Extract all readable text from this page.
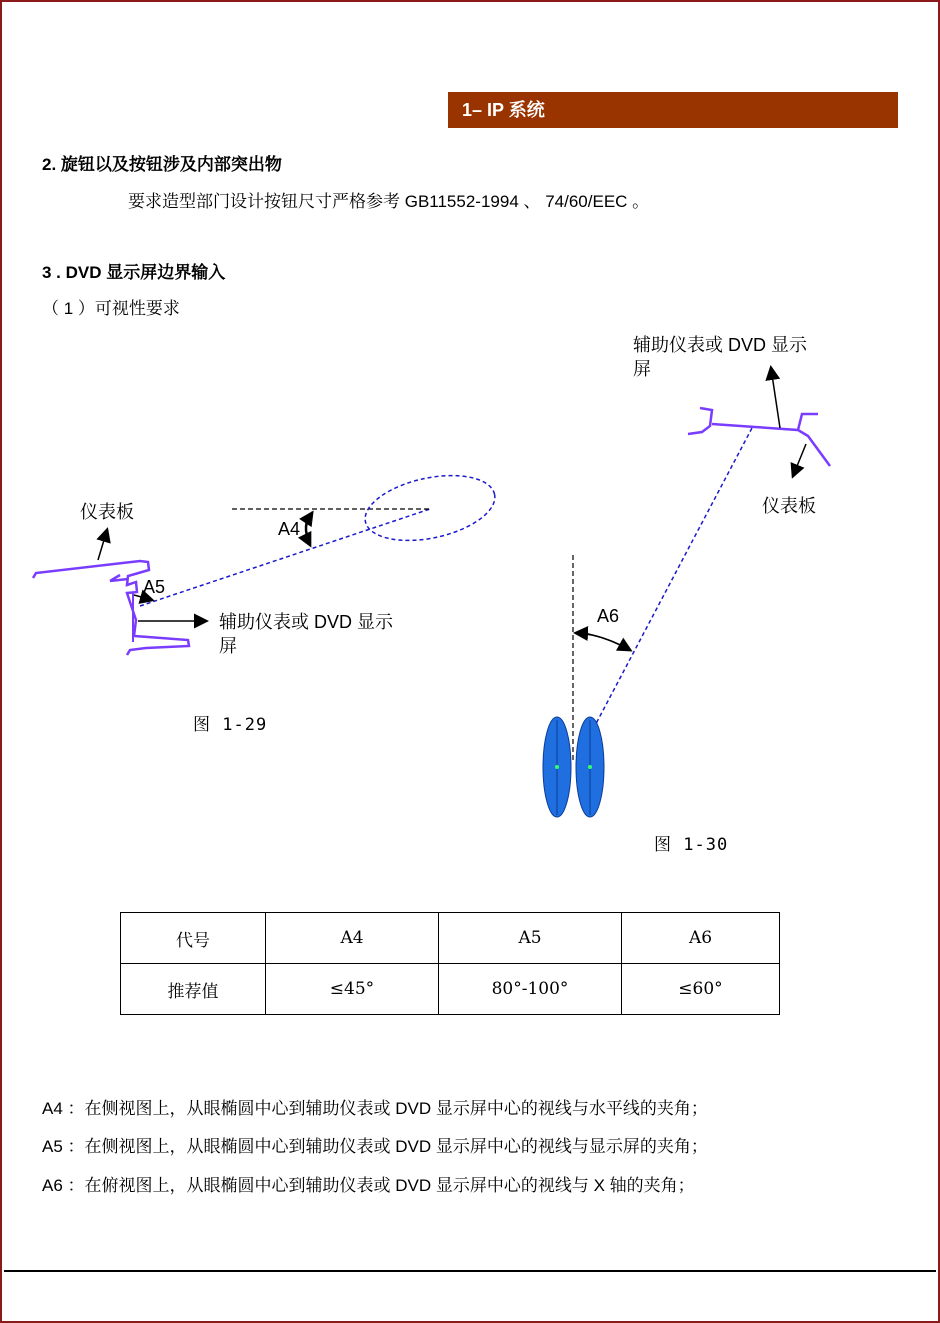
1– IP 系统
2. 旋钮以及按钮涉及内部突出物
要求造型部门设计按钮尺寸严格参考 GB11552-1994 、 74/60/EEC 。
3 . DVD 显示屏边界输入
（ 1 ）可视性要求
仪表板
A4
A5
辅助仪表或 DVD 显示
屏
图 1-29
辅助仪表或 DVD 显示
屏
仪表板
A6
图 1-30
代号	A4	A5	A6
推荐值	≤45°	80°-100°	≤60°
A4 ：在侧视图上，从眼椭圆中心到辅助仪表或 DVD 显示屏中心的视线与水平线的夹角；
A5 ：在侧视图上，从眼椭圆中心到辅助仪表或 DVD 显示屏中心的视线与显示屏的夹角；
A6 ：在俯视图上，从眼椭圆中心到辅助仪表或 DVD 显示屏中心的视线与 X 轴的夹角；
